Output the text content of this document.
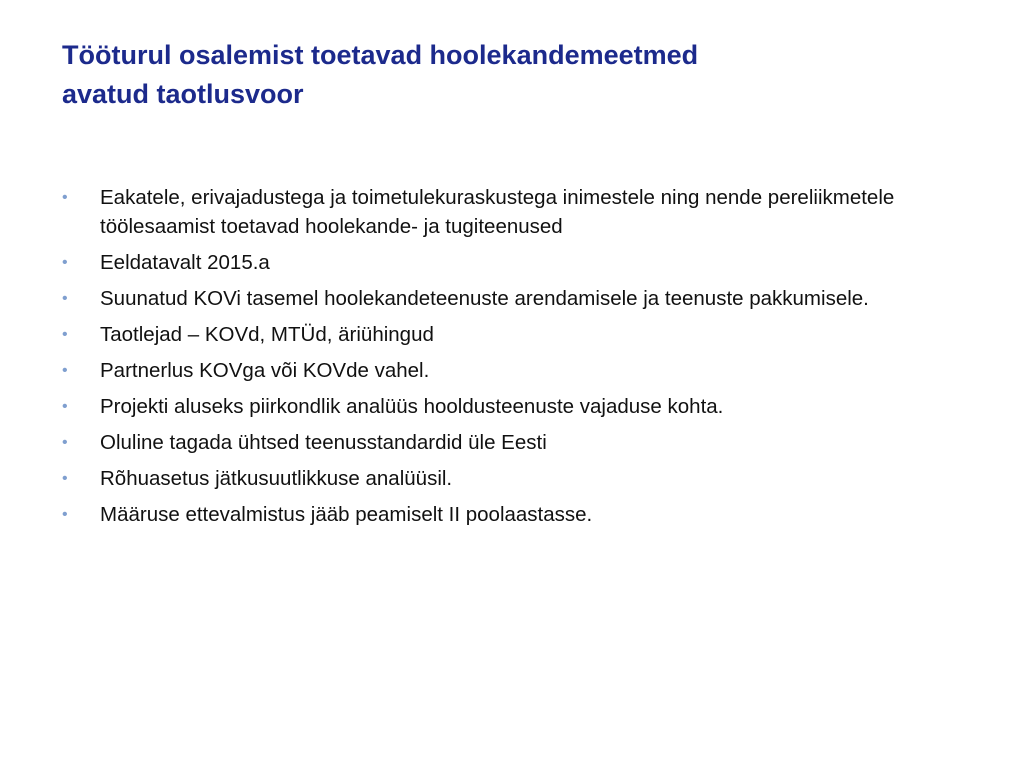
Tööturul osalemist toetavad hoolekandemeetmed
avatud taotlusvoor
• Eakatele, erivajadustega ja toimetulekuraskustega inimestele ning nende pereliikmetele töölesaamist toetavad hoolekande- ja tugiteenused
• Eeldatavalt 2015.a
• Suunatud KOVi tasemel hoolekandeteenuste arendamisele ja teenuste pakkumisele.
• Taotlejad – KOVd, MTÜd, äriühingud
• Partnerlus KOVga või KOVde vahel.
• Projekti aluseks piirkondlik analüüs hooldusteenuste vajaduse kohta.
• Oluline tagada ühtsed teenusstandardid üle Eesti
• Rõhuasetus jätkusuutlikkuse analüüsil.
• Määruse ettevalmistus jääb peamiselt II poolaastasse.
